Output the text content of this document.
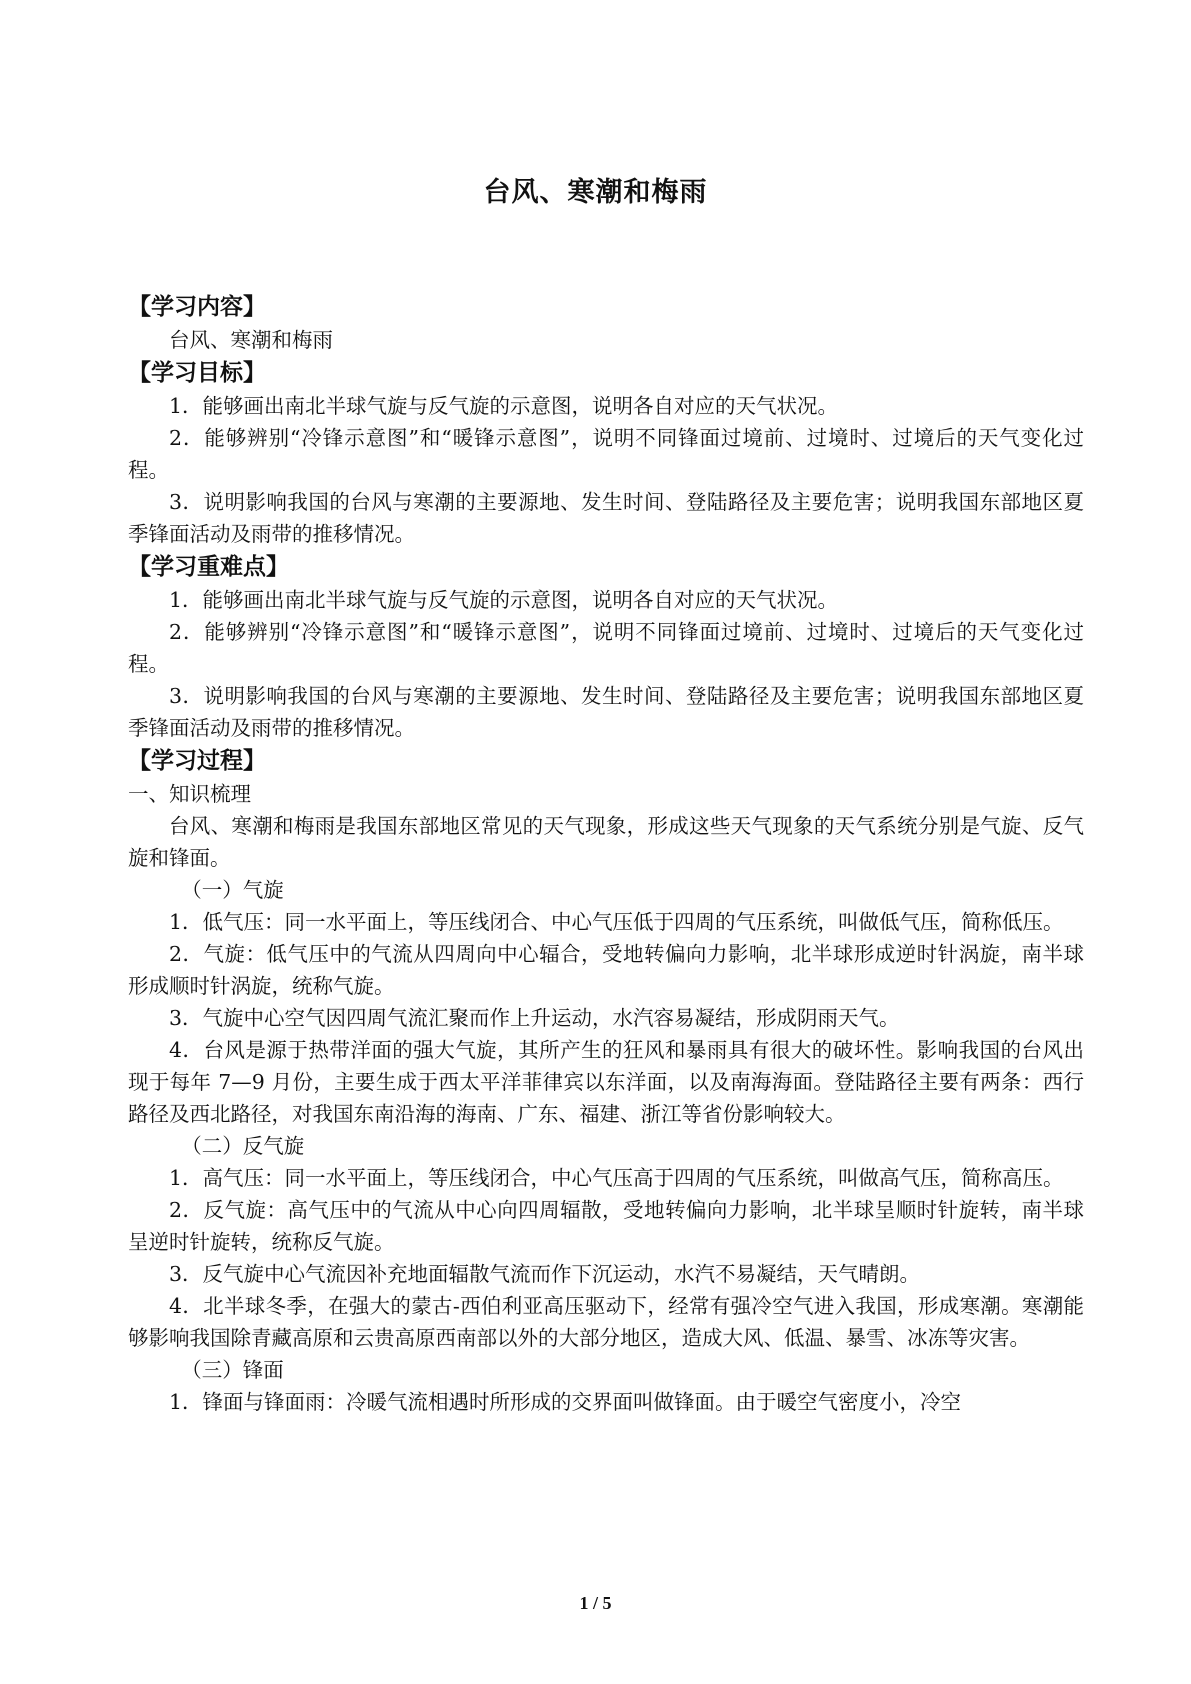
台风、寒潮和梅雨

【学习内容】

台风、寒潮和梅雨

【学习目标】

1．能够画出南北半球气旋与反气旋的示意图，说明各自对应的天气状况。

2．能够辨别“冷锋示意图”和“暖锋示意图”，说明不同锋面过境前、过境时、过境后的天气变化过程。

3．说明影响我国的台风与寒潮的主要源地、发生时间、登陆路径及主要危害；说明我国东部地区夏季锋面活动及雨带的推移情况。

【学习重难点】

1．能够画出南北半球气旋与反气旋的示意图，说明各自对应的天气状况。

2．能够辨别“冷锋示意图”和“暖锋示意图”，说明不同锋面过境前、过境时、过境后的天气变化过程。

3．说明影响我国的台风与寒潮的主要源地、发生时间、登陆路径及主要危害；说明我国东部地区夏季锋面活动及雨带的推移情况。

【学习过程】

一、知识梳理

台风、寒潮和梅雨是我国东部地区常见的天气现象，形成这些天气现象的天气系统分别是气旋、反气旋和锋面。

（一）气旋

1．低气压：同一水平面上，等压线闭合、中心气压低于四周的气压系统，叫做低气压，简称低压。

2．气旋：低气压中的气流从四周向中心辐合，受地转偏向力影响，北半球形成逆时针涡旋，南半球形成顺时针涡旋，统称气旋。

3．气旋中心空气因四周气流汇聚而作上升运动，水汽容易凝结，形成阴雨天气。

4．台风是源于热带洋面的强大气旋，其所产生的狂风和暴雨具有很大的破坏性。影响我国的台风出现于每年 7—9 月份，主要生成于西太平洋菲律宾以东洋面，以及南海海面。登陆路径主要有两条：西行路径及西北路径，对我国东南沿海的海南、广东、福建、浙江等省份影响较大。

（二）反气旋

1．高气压：同一水平面上，等压线闭合，中心气压高于四周的气压系统，叫做高气压，简称高压。

2．反气旋：高气压中的气流从中心向四周辐散，受地转偏向力影响，北半球呈顺时针旋转，南半球呈逆时针旋转，统称反气旋。

3．反气旋中心气流因补充地面辐散气流而作下沉运动，水汽不易凝结，天气晴朗。

4．北半球冬季，在强大的蒙古-西伯利亚高压驱动下，经常有强冷空气进入我国，形成寒潮。寒潮能够影响我国除青藏高原和云贵高原西南部以外的大部分地区，造成大风、低温、暴雪、冰冻等灾害。

（三）锋面

1．锋面与锋面雨：冷暖气流相遇时所形成的交界面叫做锋面。由于暖空气密度小，冷空

1 / 5
